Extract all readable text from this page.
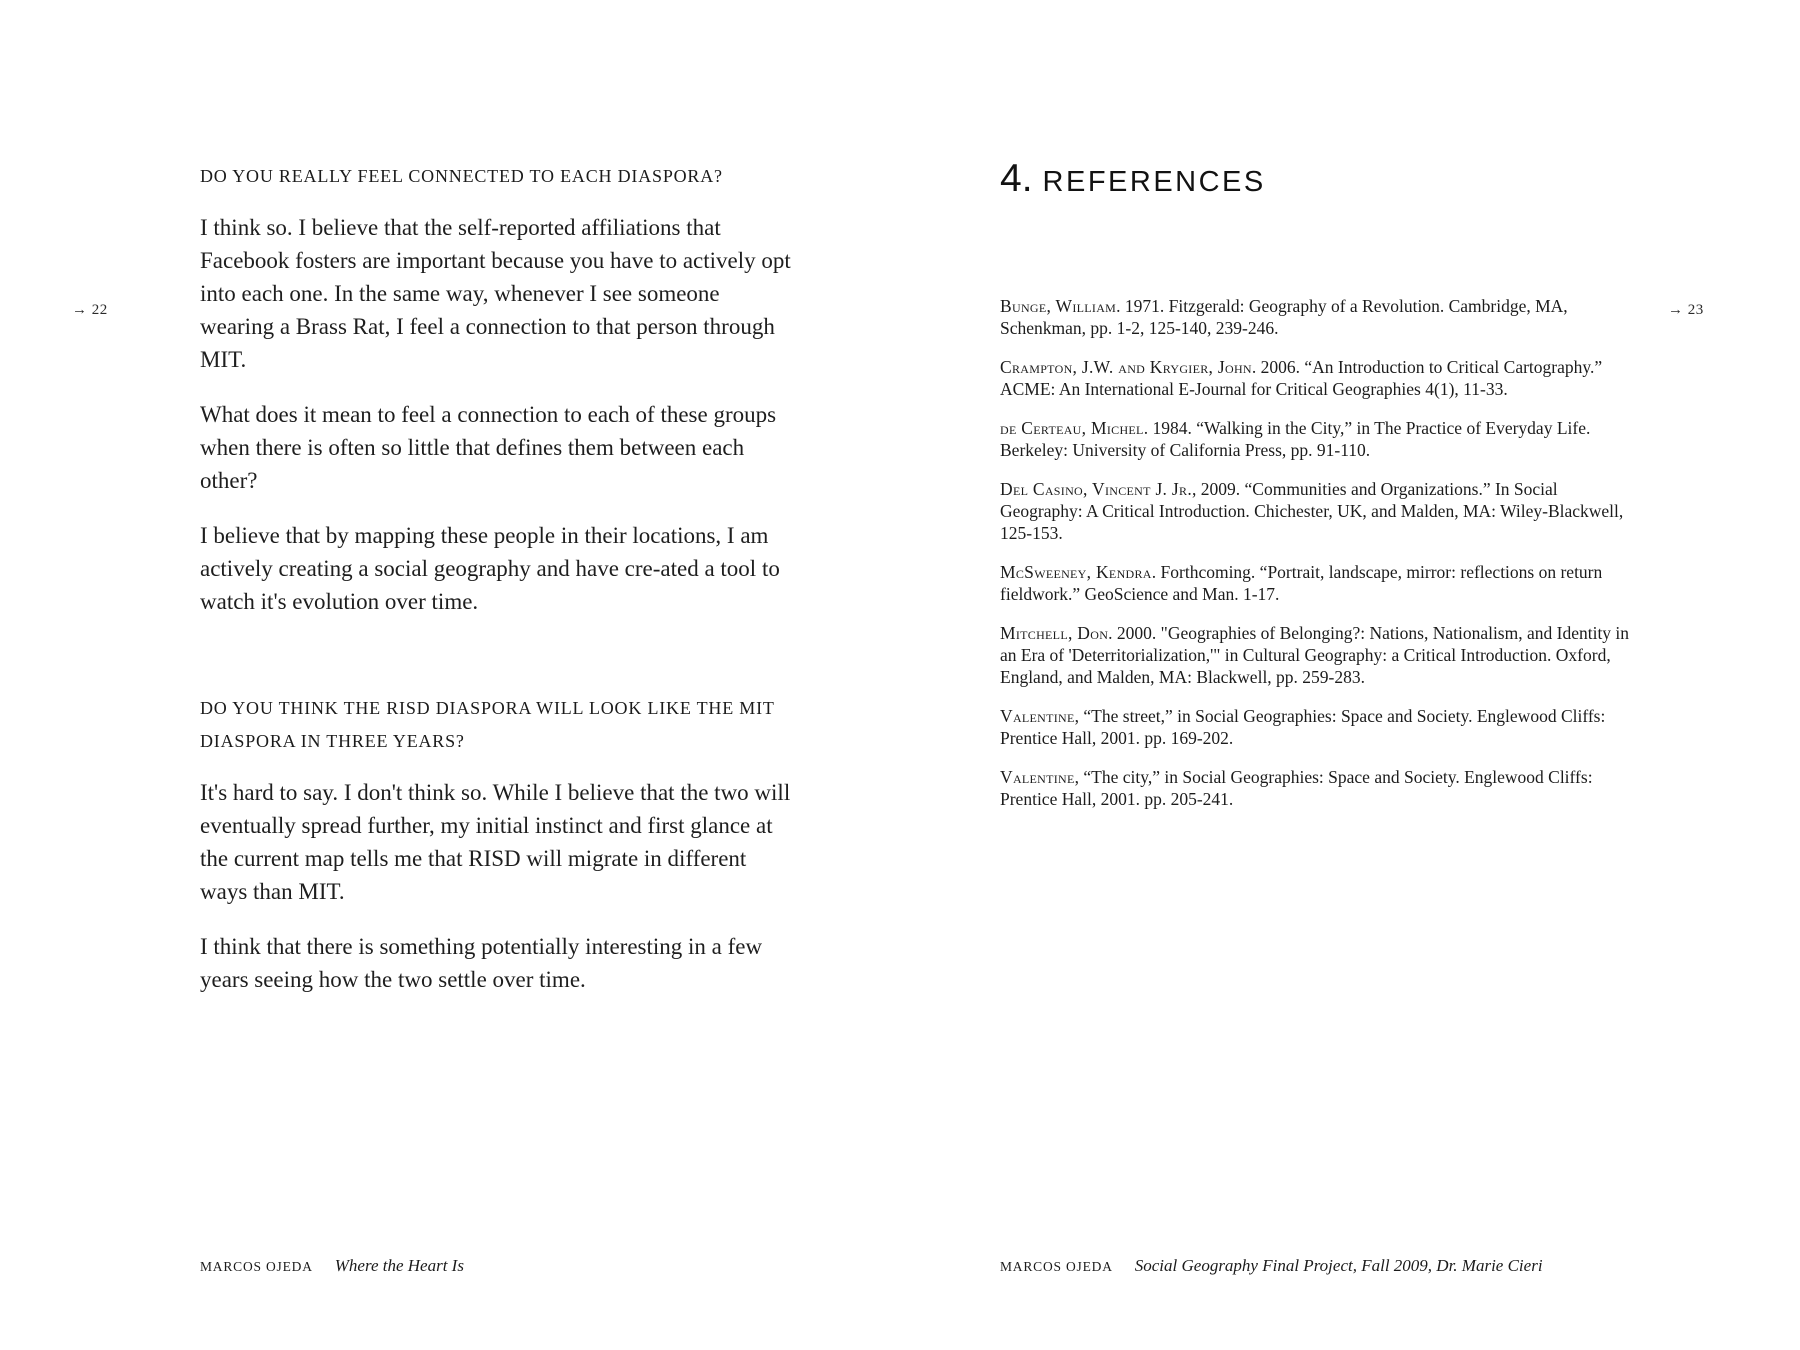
→ 22	→ 23
DO YOU REALLY FEEL CONNECTED TO EACH DIASPORA?
I think so. I believe that the self-reported affiliations that Facebook fosters are important because you have to actively opt into each one. In the same way, whenever I see someone wearing a Brass Rat, I feel a connection to that person through MIT.
What does it mean to feel a connection to each of these groups when there is often so little that defines them between each other?
I believe that by mapping these people in their locations, I am actively creating a social geography and have cre-ated a tool to watch it's evolution over time.
DO YOU THINK THE RISD DIASPORA WILL LOOK LIKE THE MIT DIASPORA IN THREE YEARS?
It's hard to say. I don't think so. While I believe that the two will eventually spread further, my initial instinct and first glance at the current map tells me that RISD will migrate in different ways than MIT.
I think that there is something potentially interesting in a few years seeing how the two settle over time.
4. REFERENCES

Bunge, William. 1971. Fitzgerald: Geography of a Revolution. Cambridge, MA, Schenkman, pp. 1-2, 125-140, 239-246.

Crampton, J.W. and Krygier, John. 2006. “An Introduction to Critical Cartography.” ACME: An International E-Journal for Critical Geographies 4(1), 11-33.

de Certeau, Michel. 1984. “Walking in the City,” in The Practice of Everyday Life. Berkeley: University of California Press, pp. 91-110.

Del Casino, Vincent J. Jr., 2009. “Communities and Organizations.” In Social Geography: A Critical Introduction. Chichester, UK, and Malden, MA: Wiley-Blackwell, 125-153.

McSweeney, Kendra. Forthcoming. “Portrait, landscape, mirror: reflections on return fieldwork.” GeoScience and Man. 1-17.

Mitchell, Don. 2000. "Geographies of Belonging?: Nations, Nationalism, and Identity in an Era of 'Deterritorialization,'" in Cultural Geography: a Critical Introduction. Oxford, England, and Malden, MA: Blackwell, pp. 259-283.

Valentine, “The street,” in Social Geographies: Space and Society. Englewood Cliffs: Prentice Hall, 2001. pp. 169-202.

Valentine, “The city,” in Social Geographies: Space and Society. Englewood Cliffs: Prentice Hall, 2001. pp. 205-241.

MARCOS OJEDA Where the Heart Is	MARCOS OJEDA Social Geography Final Project, Fall 2009, Dr. Marie Cieri
